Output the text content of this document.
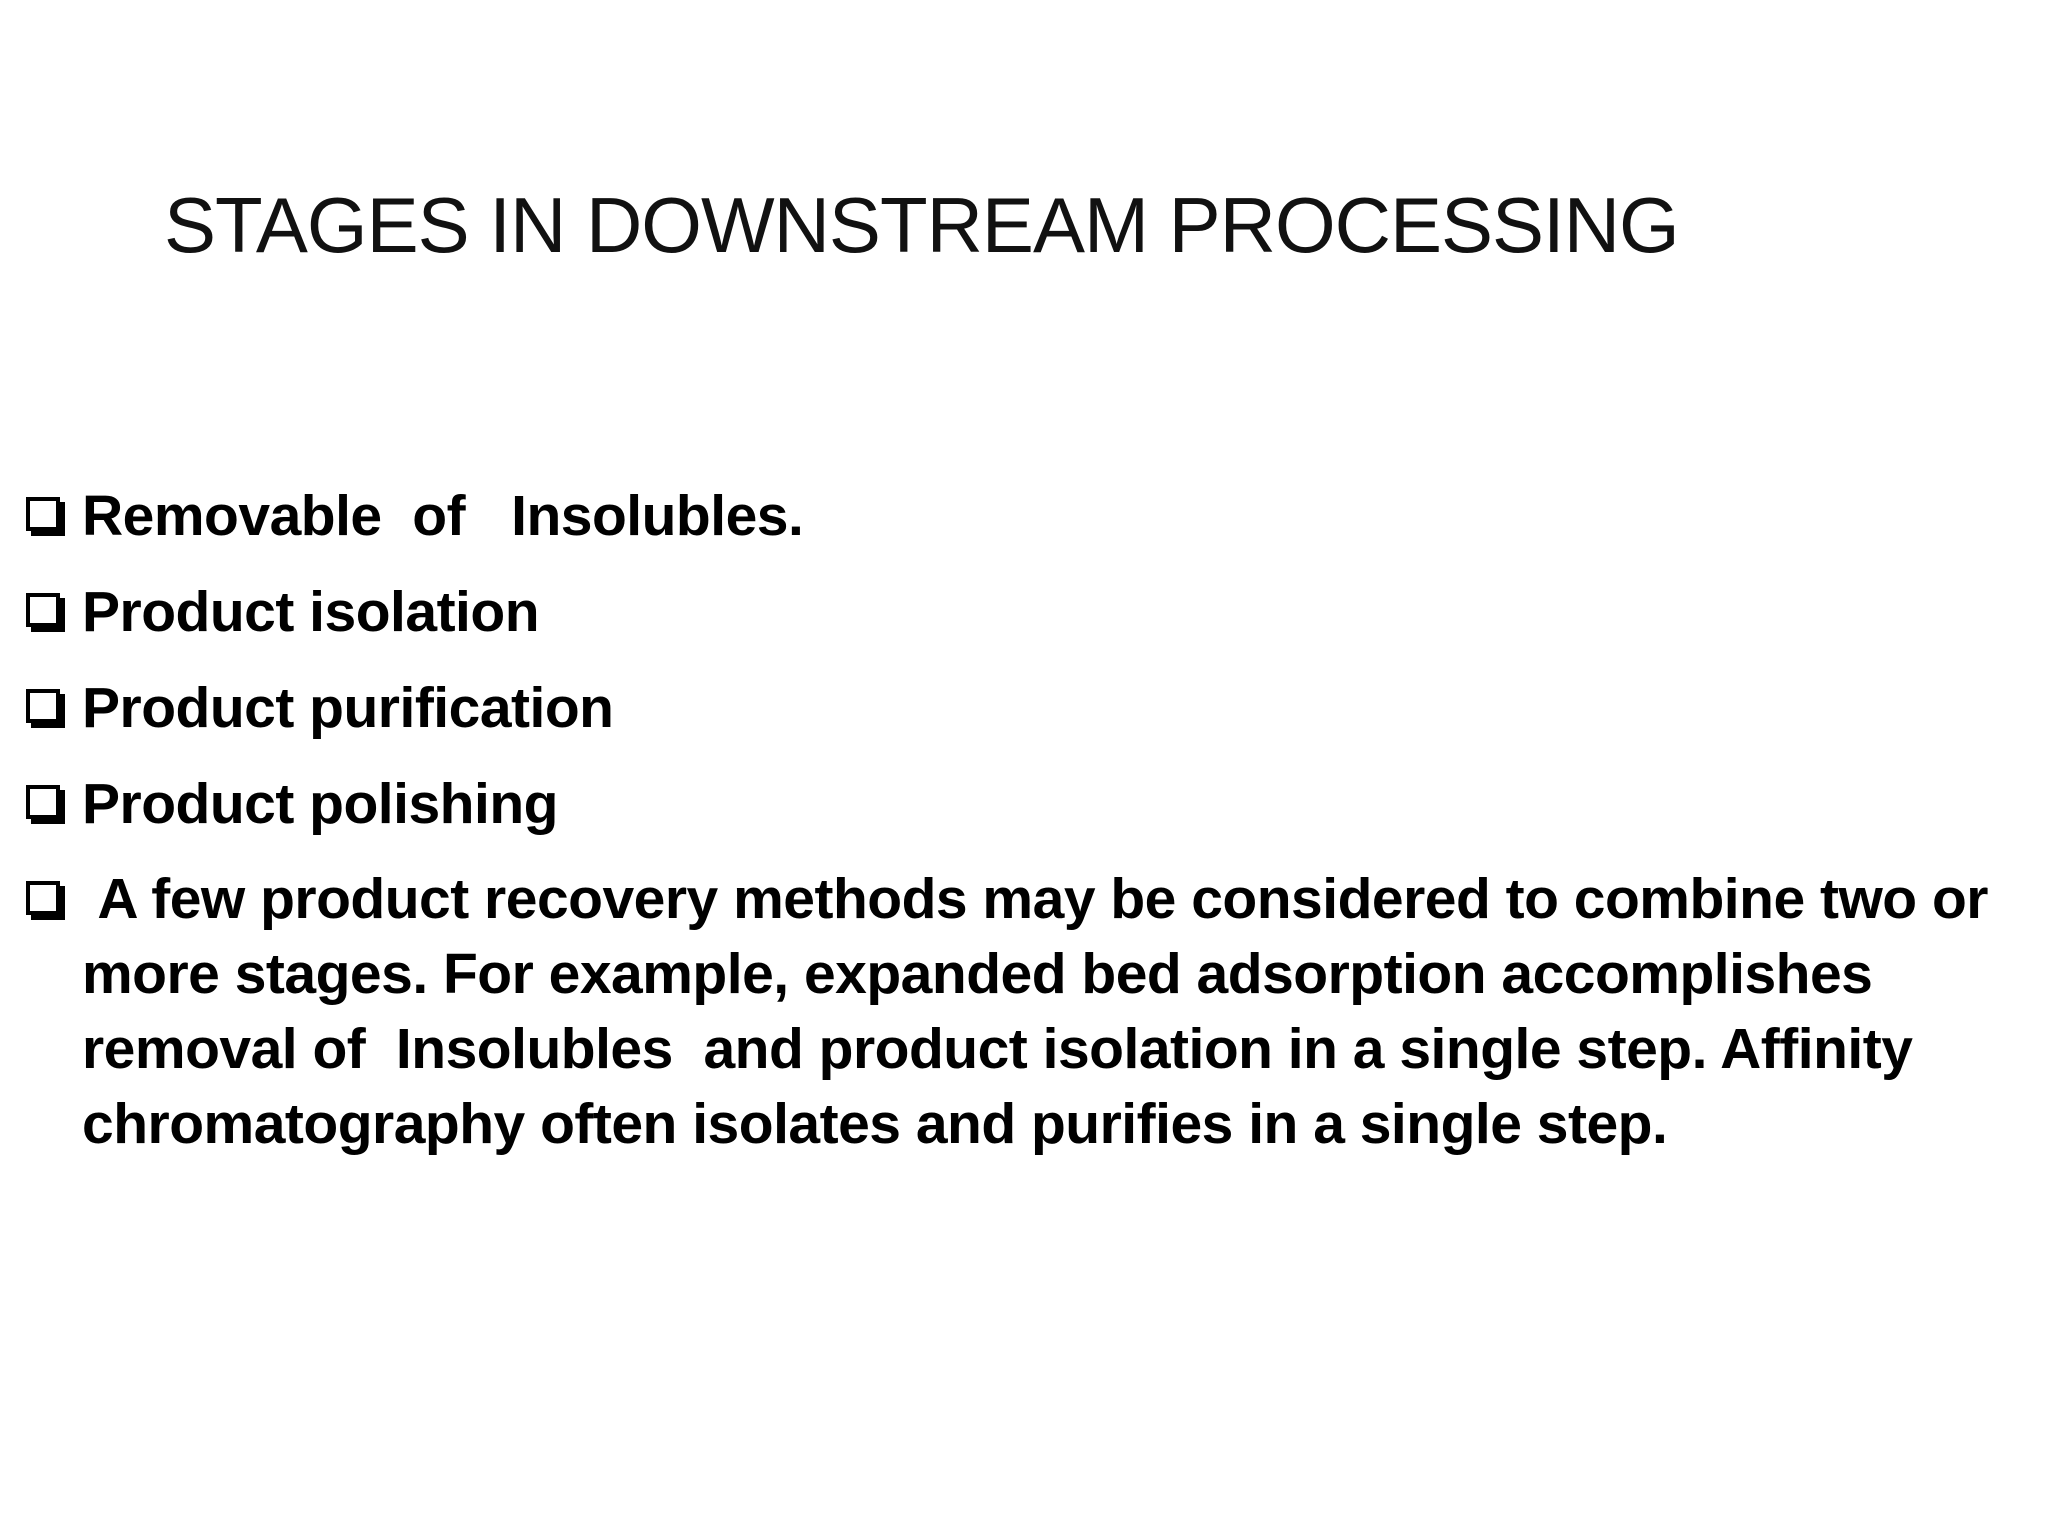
STAGES IN DOWNSTREAM PROCESSING
Removable  of   Insolubles.
Product isolation
Product purification
Product polishing
A few product recovery methods may be considered to combine two or more stages. For example, expanded bed adsorption accomplishes removal of  Insolubles  and product isolation in a single step. Affinity chromatography often isolates and purifies in a single step.
